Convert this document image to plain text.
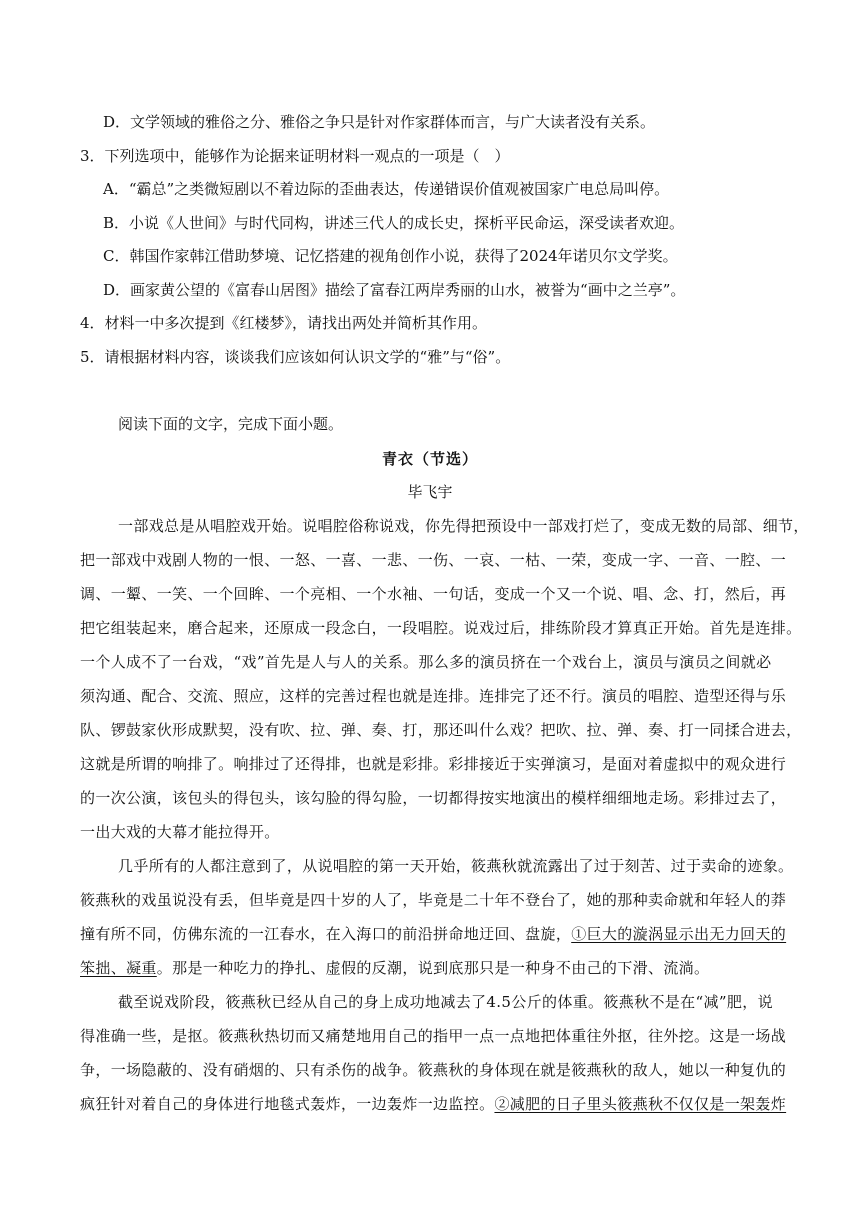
D．文学领域的雅俗之分、雅俗之争只是针对作家群体而言，与广大读者没有关系。
3．下列选项中，能够作为论据来证明材料一观点的一项是（　）
A．“霸总”之类微短剧以不着边际的歪曲表达，传递错误价值观被国家广电总局叫停。
B．小说《人世间》与时代同构，讲述三代人的成长史，探析平民命运，深受读者欢迎。
C．韩国作家韩江借助梦境、记忆搭建的视角创作小说，获得了2024年诺贝尔文学奖。
D．画家黄公望的《富春山居图》描绘了富春江两岸秀丽的山水，被誉为“画中之兰亭”。
4．材料一中多次提到《红楼梦》，请找出两处并简析其作用。
5．请根据材料内容，谈谈我们应该如何认识文学的“雅”与“俗”。
阅读下面的文字，完成下面小题。
青衣（节选）
毕飞宇
一部戏总是从唱腔戏开始。说唱腔俗称说戏，你先得把预设中一部戏打烂了，变成无数的局部、细节，
把一部戏中戏剧人物的一恨、一怒、一喜、一悲、一伤、一哀、一枯、一荣，变成一字、一音、一腔、一
调、一颦、一笑、一个回眸、一个亮相、一个水袖、一句话，变成一个又一个说、唱、念、打，然后，再
把它组装起来，磨合起来，还原成一段念白，一段唱腔。说戏过后，排练阶段才算真正开始。首先是连排。
一个人成不了一台戏，“戏”首先是人与人的关系。那么多的演员挤在一个戏台上，演员与演员之间就必
须沟通、配合、交流、照应，这样的完善过程也就是连排。连排完了还不行。演员的唱腔、造型还得与乐
队、锣鼓家伙形成默契，没有吹、拉、弹、奏、打，那还叫什么戏？把吹、拉、弹、奏、打一同揉合进去，
这就是所谓的响排了。响排过了还得排，也就是彩排。彩排接近于实弹演习，是面对着虚拟中的观众进行
的一次公演，该包头的得包头，该勾脸的得勾脸，一切都得按实地演出的模样细细地走场。彩排过去了，
一出大戏的大幕才能拉得开。
几乎所有的人都注意到了，从说唱腔的第一天开始，筱燕秋就流露出了过于刻苦、过于卖命的迹象。
筱燕秋的戏虽说没有丢，但毕竟是四十岁的人了，毕竟是二十年不登台了，她的那种卖命就和年轻人的莽
撞有所不同，仿佛东流的一江春水，在入海口的前沿拼命地迂回、盘旋，①巨大的漩涡显示出无力回天的
笨拙、凝重。那是一种吃力的挣扎、虚假的反潮，说到底那只是一种身不由己的下滑、流淌。
截至说戏阶段，筱燕秋已经从自己的身上成功地减去了4.5公斤的体重。筱燕秋不是在“减”肥，说
得准确一些，是抠。筱燕秋热切而又痛楚地用自己的指甲一点一点地把体重往外抠，往外挖。这是一场战
争，一场隐蔽的、没有硝烟的、只有杀伤的战争。筱燕秋的身体现在就是筱燕秋的敌人，她以一种复仇的
疯狂针对着自己的身体进行地毯式轰炸，一边轰炸一边监控。②减肥的日子里头筱燕秋不仅仅是一架轰炸
